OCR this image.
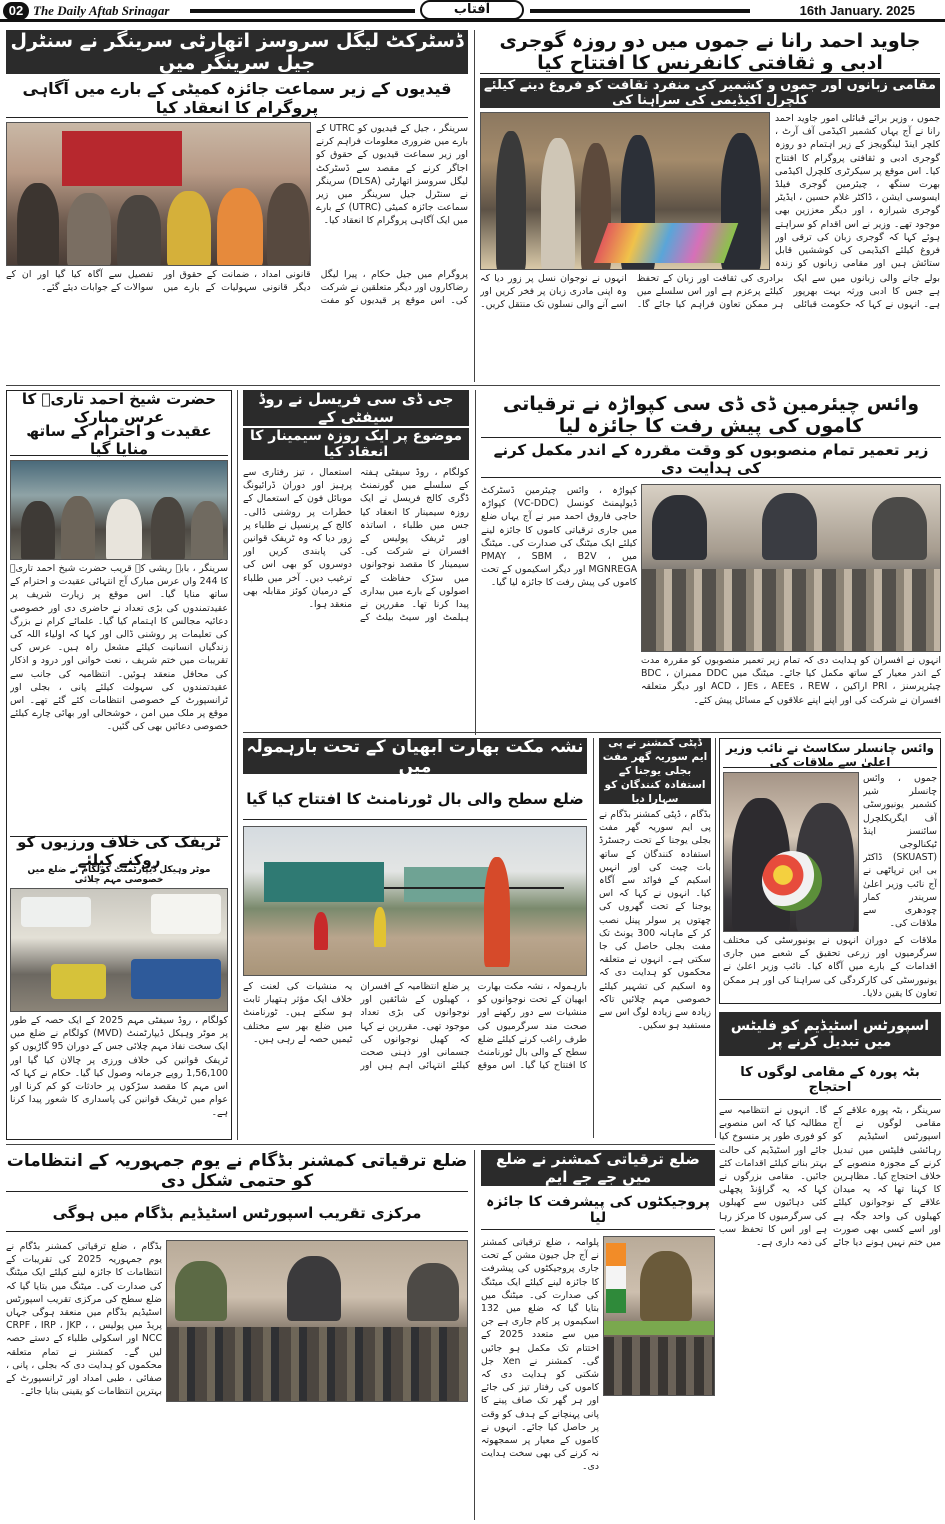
02 The Daily Aftab Srinagar	آفتاب	16th January. 2025
جاوید احمد رانا نے جموں میں دو روزہ گوجری ادبی و ثقافتی کانفرنس کا افتتاح کیا
مقامی زبانوں اور جموں و کشمیر کی منفرد ثقافت کو فروغ دینے کیلئے کلچرل اکیڈیمی کی سراہنا کی
جموں ، وزیر برائے قبائلی امور جاوید احمد رانا نے آج یہاں کشمیر اکیڈمی آف آرٹ ، کلچر اینڈ لینگویجز کے زیر اہتمام دو روزہ گوجری ادبی و ثقافتی پروگرام کا افتتاح کیا۔ اس موقع پر سیکرٹری کلچرل اکیڈمی بھرت سنگھ ، چیئرمین گوجری فیلڈ ایسوسی ایشن ، ڈاکٹر غلام حسین ، ایڈیٹر گوجری شیرازہ ، اور دیگر معززین بھی موجود تھے۔ وزیر نے اس اقدام کو سراہتے ہوئے کہا کہ گوجری زبان کی ترقی اور فروغ کیلئے اکیڈیمی کی کوششیں قابل ستائش ہیں اور مقامی زبانوں کو زندہ
بولے جانے والی زبانوں میں سے ایک ہے جس کا ادبی ورثہ بہت بھرپور ہے۔ انہوں نے کہا کہ حکومت قبائلی برادری کی ثقافت اور زبان کے تحفظ کیلئے پرعزم ہے اور اس سلسلے میں ہر ممکن تعاون فراہم کیا جائے گا۔ انہوں نے نوجوان نسل پر زور دیا کہ وہ اپنی مادری زبان پر فخر کریں اور اسے آنے والی نسلوں تک منتقل کریں۔
ڈسٹرکٹ لیگل سروسز اتھارٹی سرینگر نے سنٹرل جیل سرینگر میں
قیدیوں کے زیر سماعت جائزہ کمیٹی کے بارے میں آگاہی پروگرام کا انعقاد کیا
سرینگر ، جیل کے قیدیوں کو UTRC کے بارے میں ضروری معلومات فراہم کرنے اور زیر سماعت قیدیوں کے حقوق کو اجاگر کرنے کے مقصد سے ڈسٹرکٹ لیگل سروسز اتھارٹی (DLSA) سرینگر نے سنٹرل جیل سرینگر میں زیر سماعت جائزہ کمیٹی (UTRC) کے بارے میں ایک آگاہی پروگرام کا انعقاد کیا۔
پروگرام میں جیل حکام ، پیرا لیگل رضاکاروں اور دیگر متعلقین نے شرکت کی۔ اس موقع پر قیدیوں کو مفت قانونی امداد ، ضمانت کے حقوق اور دیگر قانونی سہولیات کے بارے میں تفصیل سے آگاہ کیا گیا اور ان کے سوالات کے جوابات دیئے گئے۔
حضرت شیخ احمد تاریؒ کا عرس مبارک
عقیدت و احترام کے ساتھ منایا گیا
سرینگر ، بابہ ریشی کے قریب حضرت شیخ احمد تاریؒ کا 244 واں عرس مبارک آج انتہائی عقیدت و احترام کے ساتھ منایا گیا۔ اس موقع پر زیارت شریف پر عقیدتمندوں کی بڑی تعداد نے حاضری دی اور خصوصی دعائیہ مجالس کا اہتمام کیا گیا۔ علمائے کرام نے بزرگ کی تعلیمات پر روشنی ڈالی اور کہا کہ اولیاء اللہ کی زندگیاں انسانیت کیلئے مشعل راہ ہیں۔ عرس کی تقریبات میں ختم شریف ، نعت خوانی اور درود و اذکار کی محافل منعقد ہوئیں۔ انتظامیہ کی جانب سے عقیدتمندوں کی سہولت کیلئے پانی ، بجلی اور ٹرانسپورٹ کے خصوصی انتظامات کئے گئے تھے۔ اس موقع پر ملک میں امن ، خوشحالی اور بھائی چارے کیلئے خصوصی دعائیں بھی کی گئیں۔
ٹریفک کی خلاف ورزیوں کو روکنے کیلئے
موٹر وہیکل ڈیپارٹمنٹ کولگام نے ضلع میں خصوصی مہم چلائی
کولگام ، روڈ سیفٹی مہم 2025 کے ایک حصہ کے طور پر موٹر وہیکل ڈیپارٹمنٹ (MVD) کولگام نے ضلع میں ایک سخت نفاذ مہم چلائی جس کے دوران 95 گاڑیوں کو ٹریفک قوانین کی خلاف ورزی پر چالان کیا گیا اور 1,56,100 روپے جرمانہ وصول کیا گیا۔ حکام نے کہا کہ اس مہم کا مقصد سڑکوں پر حادثات کو کم کرنا اور عوام میں ٹریفک قوانین کی پاسداری کا شعور پیدا کرنا ہے۔
جی ڈی سی فریسل نے روڈ سیفٹی کے
موضوع پر ایک روزہ سیمینار کا انعقاد کیا
کولگام ، روڈ سیفٹی ہفتہ کے سلسلے میں گورنمنٹ ڈگری کالج فریسل نے ایک روزہ سیمینار کا انعقاد کیا جس میں طلباء ، اساتذہ اور ٹریفک پولیس کے افسران نے شرکت کی۔ سیمینار کا مقصد نوجوانوں میں سڑک حفاظت کے اصولوں کے بارے میں بیداری پیدا کرنا تھا۔ مقررین نے ہیلمٹ اور سیٹ بیلٹ کے استعمال ، تیز رفتاری سے پرہیز اور دوران ڈرائیونگ موبائل فون کے استعمال کے خطرات پر روشنی ڈالی۔ کالج کے پرنسپل نے طلباء پر زور دیا کہ وہ ٹریفک قوانین کی پابندی کریں اور دوسروں کو بھی اس کی ترغیب دیں۔ آخر میں طلباء کے درمیان کوئز مقابلہ بھی منعقد ہوا۔
وائس چیئرمین ڈی ڈی سی کپواڑہ نے ترقیاتی کاموں کی پیش رفت کا جائزہ لیا
زیر تعمیر تمام منصوبوں کو وقت مقررہ کے اندر مکمل کرنے کی ہدایت دی
کپواڑہ ، وائس چیئرمین ڈسٹرکٹ ڈیولپمنٹ کونسل (VC-DDC) کپواڑہ حاجی فاروق احمد میر نے آج یہاں ضلع میں جاری ترقیاتی کاموں کا جائزہ لینے کیلئے ایک میٹنگ کی صدارت کی۔ میٹنگ میں PMAY ، SBM ، B2V ، MGNREGA اور دیگر اسکیموں کے تحت کاموں کی پیش رفت کا جائزہ لیا گیا۔
انہوں نے افسران کو ہدایت دی کہ تمام زیر تعمیر منصوبوں کو مقررہ مدت کے اندر معیار کے ساتھ مکمل کیا جائے۔ میٹنگ میں DDC ممبران ، BDC چیئرپرسنز ، PRI اراکین ، ACD ، JEs ، AEEs ، REW اور دیگر متعلقہ افسران نے شرکت کی اور اپنے اپنے علاقوں کے مسائل پیش کئے۔
نشہ مکت بھارت ابھیان کے تحت بارہمولہ میں
ضلع سطح والی بال ٹورنامنٹ کا افتتاح کیا گیا
بارہمولہ ، نشہ مکت بھارت ابھیان کے تحت نوجوانوں کو منشیات سے دور رکھنے اور صحت مند سرگرمیوں کی طرف راغب کرنے کیلئے ضلع سطح کے والی بال ٹورنامنٹ کا افتتاح کیا گیا۔ اس موقع پر ضلع انتظامیہ کے افسران ، کھیلوں کے شائقین اور نوجوانوں کی بڑی تعداد موجود تھی۔ مقررین نے کہا کہ کھیل نوجوانوں کی جسمانی اور ذہنی صحت کیلئے انتہائی اہم ہیں اور یہ منشیات کی لعنت کے خلاف ایک مؤثر ہتھیار ثابت ہو سکتے ہیں۔ ٹورنامنٹ میں ضلع بھر سے مختلف ٹیمیں حصہ لے رہی ہیں۔
ڈپٹی کمشنر نے پی ایم سوریہ گھر مفت بجلی یوجنا کے استفادہ کنندگان کو سہارا دیا
بڈگام ، ڈپٹی کمشنر بڈگام نے پی ایم سوریہ گھر مفت بجلی یوجنا کے تحت رجسٹرڈ استفادہ کنندگان کے ساتھ بات چیت کی اور انہیں اسکیم کے فوائد سے آگاہ کیا۔ انہوں نے کہا کہ اس یوجنا کے تحت گھروں کی چھتوں پر سولر پینل نصب کر کے ماہانہ 300 یونٹ تک مفت بجلی حاصل کی جا سکتی ہے۔ انہوں نے متعلقہ محکموں کو ہدایت دی کہ وہ اسکیم کی تشہیر کیلئے خصوصی مہم چلائیں تاکہ زیادہ سے زیادہ لوگ اس سے مستفید ہو سکیں۔
وائس چانسلر سکاسٹ نے نائب وزیر اعلیٰ سے ملاقات کی
جموں ، وائس چانسلر شیر کشمیر یونیورسٹی آف ایگریکلچرل سائنسز اینڈ ٹیکنالوجی (SKUAST) ڈاکٹر بی این ترپاٹھی نے آج نائب وزیر اعلیٰ سریندر کمار چودھری سے ملاقات کی۔
ملاقات کے دوران انہوں نے یونیورسٹی کی مختلف سرگرمیوں اور زرعی تحقیق کے شعبے میں جاری اقدامات کے بارے میں آگاہ کیا۔ نائب وزیر اعلیٰ نے یونیورسٹی کی کارکردگی کی سراہنا کی اور ہر ممکن تعاون کا یقین دلایا۔
اسپورٹس اسٹیڈیم کو فلیٹس میں تبدیل کرنے پر
بٹہ پورہ کے مقامی لوگوں کا احتجاج
سرینگر ، بٹہ پورہ علاقے کے مقامی لوگوں نے آج اسپورٹس اسٹیڈیم کو رہائشی فلیٹس میں تبدیل کرنے کے مجوزہ منصوبے کے خلاف احتجاج کیا۔ مظاہرین کا کہنا تھا کہ یہ میدان علاقے کے نوجوانوں کیلئے کھیلوں کی واحد جگہ ہے اور اسے کسی بھی صورت میں ختم نہیں ہونے دیا جائے گا۔ انہوں نے انتظامیہ سے مطالبہ کیا کہ اس منصوبے کو فوری طور پر منسوخ کیا جائے اور اسٹیڈیم کی حالت بہتر بنانے کیلئے اقدامات کئے جائیں۔ مقامی بزرگوں نے کہا کہ یہ گراؤنڈ پچھلی کئی دہائیوں سے کھیلوں کی سرگرمیوں کا مرکز رہا ہے اور اس کا تحفظ سب کی ذمہ داری ہے۔
ضلع ترقیاتی کمشنر بڈگام نے یوم جمہوریہ کے انتظامات کو حتمی شکل دی
مرکزی تقریب اسپورٹس اسٹیڈیم بڈگام میں ہوگی
بڈگام ، ضلع ترقیاتی کمشنر بڈگام نے یوم جمہوریہ 2025 کی تقریبات کے انتظامات کا جائزہ لینے کیلئے ایک میٹنگ کی صدارت کی۔ میٹنگ میں بتایا گیا کہ ضلع سطح کی مرکزی تقریب اسپورٹس اسٹیڈیم بڈگام میں منعقد ہوگی جہاں پریڈ میں پولیس ، CRPF ، IRP ، JKP ، NCC اور اسکولی طلباء کے دستے حصہ لیں گے۔ کمشنر نے تمام متعلقہ محکموں کو ہدایت دی کہ بجلی ، پانی ، صفائی ، طبی امداد اور ٹرانسپورٹ کے بہترین انتظامات کو یقینی بنایا جائے۔
ضلع ترقیاتی کمشنر نے ضلع میں جے جے ایم
پروجیکٹوں کی پیشرفت کا جائزہ لیا
پلوامہ ، ضلع ترقیاتی کمشنر نے آج جل جیون مشن کے تحت جاری پروجیکٹوں کی پیشرفت کا جائزہ لینے کیلئے ایک میٹنگ کی صدارت کی۔ میٹنگ میں بتایا گیا کہ ضلع میں 132 اسکیموں پر کام جاری ہے جن میں سے متعدد 2025 کے اختتام تک مکمل ہو جائیں گی۔ کمشنر نے Xen جل شکتی کو ہدایت دی کہ کاموں کی رفتار تیز کی جائے اور ہر گھر تک صاف پینے کا پانی پہنچانے کے ہدف کو وقت پر حاصل کیا جائے۔ انہوں نے کاموں کے معیار پر سمجھوتہ نہ کرنے کی بھی سخت ہدایت دی۔
